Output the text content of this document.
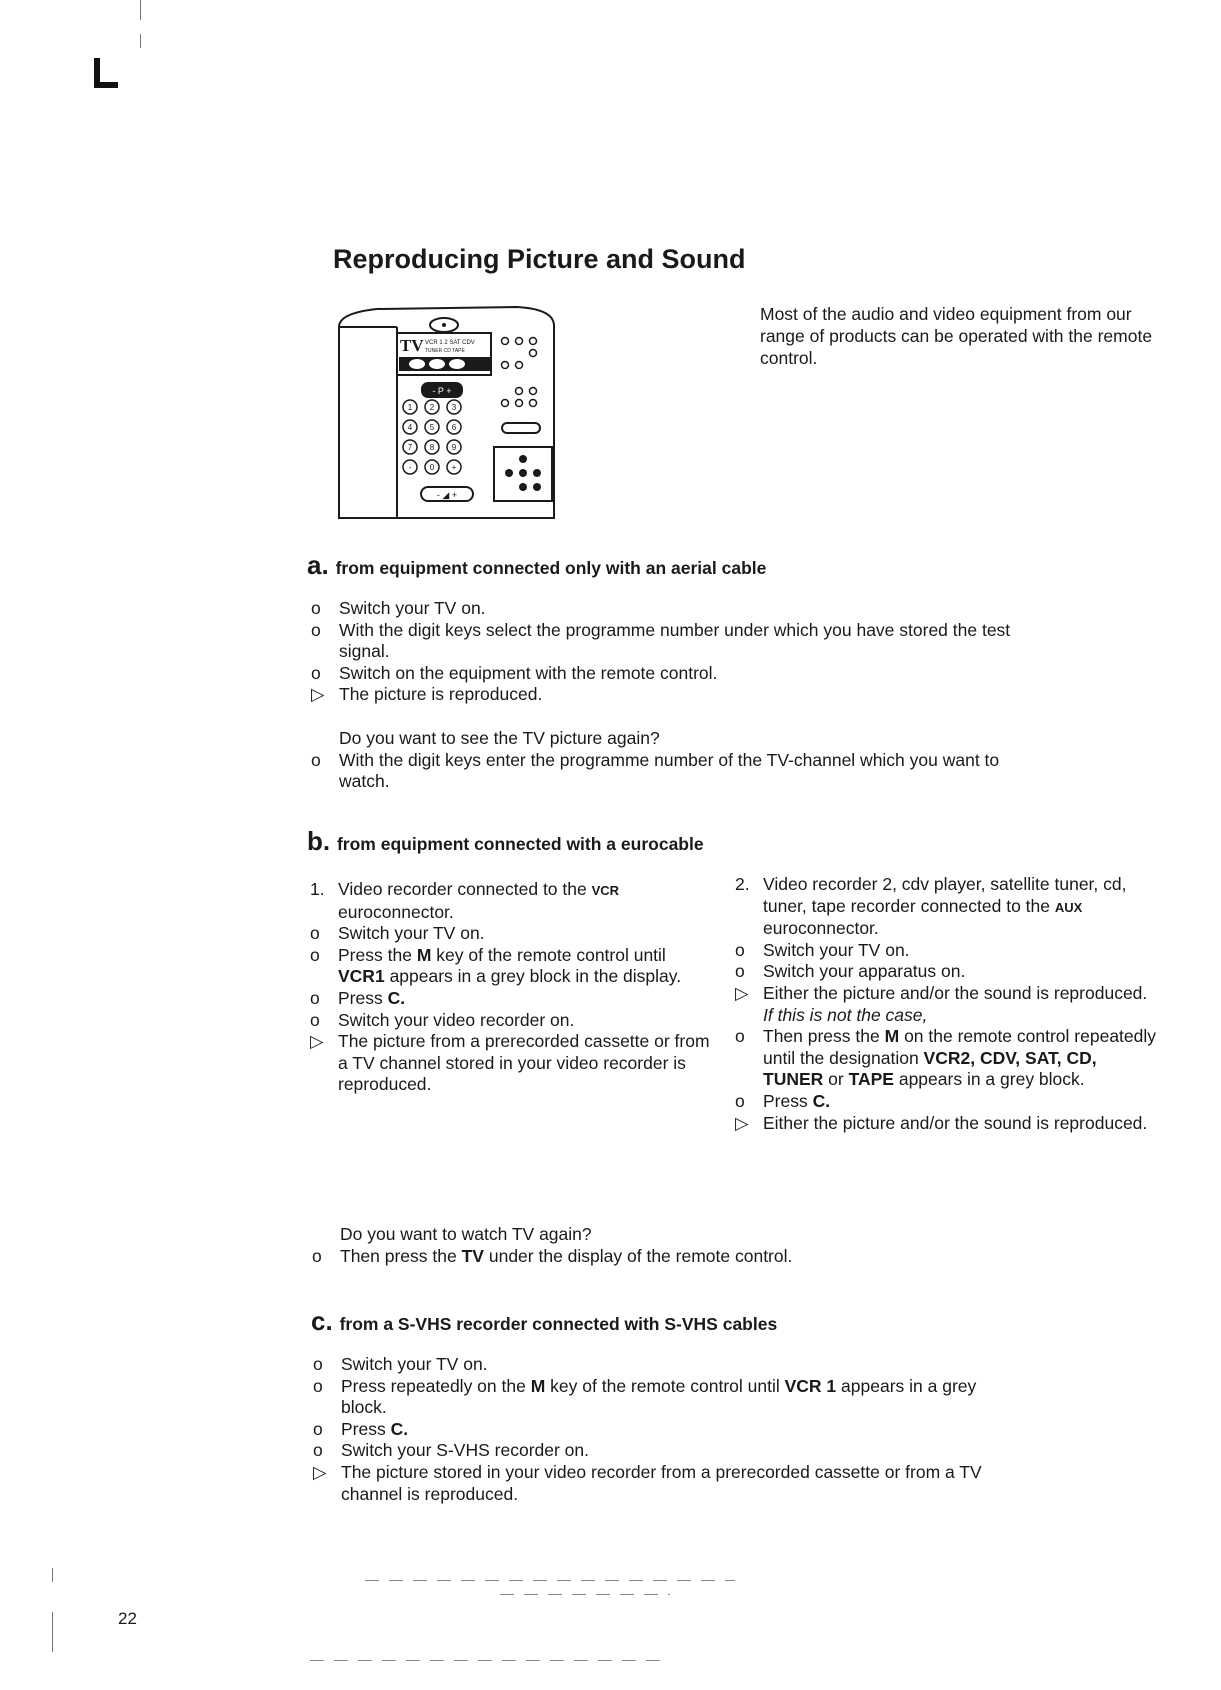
Reproducing Picture and Sound
TV VCR 1 2 SAT CDV
TUNER CD TAPE
- P +
1 2 3
4 5 6
7 8 9
- 0 +
- ◢ +

Most of the audio and video equipment from our range of products can be operated with the remote control.

a. from equipment connected only with an aerial cable
o	Switch your TV on.
o	With the digit keys select the programme number under which you have stored the test signal.
o	Switch on the equipment with the remote control.
▷ The picture is reproduced.
Do you want to see the TV picture again?
o	With the digit keys enter the programme number of the TV-channel which you want to watch.
b. from equipment connected with a eurocable
1. Video recorder connected to the VCR euroconnector.
o	Switch your TV on.
o	Press the M key of the remote control until VCR1 appears in a grey block in the display.
o	Press C.
o	Switch your video recorder on.
▷ The picture from a prerecorded cassette or from a TV channel stored in your video recorder is reproduced.
2. Video recorder 2, cdv player, satellite tuner, cd, tuner, tape recorder connected to the AUX euroconnector.
o	Switch your TV on.
o	Switch your apparatus on.
▷ Either the picture and/or the sound is reproduced.
If this is not the case,
o	Then press the M on the remote control repeatedly until the designation VCR2, CDV, SAT, CD, TUNER or TAPE appears in a grey block.
o	Press C.
▷ Either the picture and/or the sound is reproduced.
Do you want to watch TV again?
o	Then press the TV under the display of the remote control.
c. from a S-VHS recorder connected with S-VHS cables
o	Switch your TV on.
o	Press repeatedly on the M key of the remote control until VCR 1 appears in a grey block.
o	Press C.
o	Switch your S-VHS recorder on.
▷ The picture stored in your video recorder from a prerecorded cassette or from a TV channel is reproduced.
22
